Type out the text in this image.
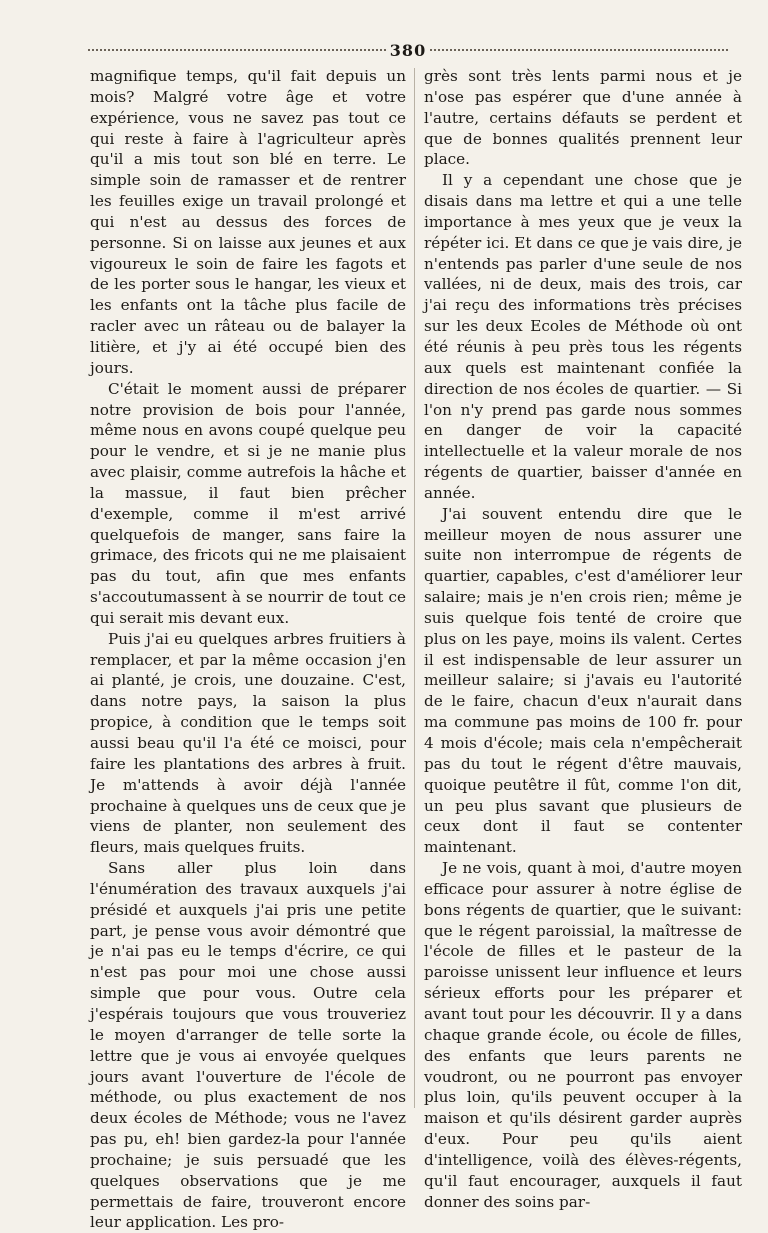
380

magnifique temps, qu'il fait depuis un mois? Malgré votre âge et votre expérience, vous ne savez pas tout ce qui reste à faire à l'agriculteur après qu'il a mis tout son blé en terre. Le simple soin de ramasser et de rentrer les feuilles exige un travail prolongé et qui n'est au dessus des forces de personne. Si on laisse aux jeunes et aux vigoureux le soin de faire les fagots et de les porter sous le hangar, les vieux et les enfants ont la tâche plus facile de racler avec un râteau ou de balayer la litière, et j'y ai été occupé bien des jours.

C'était le moment aussi de préparer notre provision de bois pour l'année, même nous en avons coupé quelque peu pour le vendre, et si je ne manie plus avec plaisir, comme autrefois la hâche et la massue, il faut bien prêcher d'exemple, comme il m'est arrivé quelquefois de manger, sans faire la grimace, des fricots qui ne me plaisaient pas du tout, afin que mes enfants s'accoutumassent à se nourrir de tout ce qui serait mis devant eux.

Puis j'ai eu quelques arbres fruitiers à remplacer, et par la même occasion j'en ai planté, je crois, une douzaine. C'est, dans notre pays, la saison la plus propice, à condition que le temps soit aussi beau qu'il l'a été ce moisci, pour faire les plantations des arbres à fruit. Je m'attends à avoir déjà l'année prochaine à quelques uns de ceux que je viens de planter, non seulement des fleurs, mais quelques fruits.

Sans aller plus loin dans l'énumération des travaux auxquels j'ai présidé et auxquels j'ai pris une petite part, je pense vous avoir démontré que je n'ai pas eu le temps d'écrire, ce qui n'est pas pour moi une chose aussi simple que pour vous. Outre cela j'espérais toujours que vous trouveriez le moyen d'arranger de telle sorte la lettre que je vous ai envoyée quelques jours avant l'ouverture de l'école de méthode, ou plus exactement de nos deux écoles de Méthode; vous ne l'avez pas pu, eh! bien gardez-la pour l'année prochaine; je suis persuadé que les quelques observations que je me permettais de faire, trouveront encore leur application. Les pro-

grès sont très lents parmi nous et je n'ose pas espérer que d'une année à l'autre, certains défauts se perdent et que de bonnes qualités prennent leur place.

Il y a cependant une chose que je disais dans ma lettre et qui a une telle importance à mes yeux que je veux la répéter ici. Et dans ce que je vais dire, je n'entends pas parler d'une seule de nos vallées, ni de deux, mais des trois, car j'ai reçu des informations très précises sur les deux Ecoles de Méthode où ont été réunis à peu près tous les régents aux quels est maintenant confiée la direction de nos écoles de quartier. — Si l'on n'y prend pas garde nous sommes en danger de voir la capacité intellectuelle et la valeur morale de nos régents de quartier, baisser d'année en année.

J'ai souvent entendu dire que le meilleur moyen de nous assurer une suite non interrompue de régents de quartier, capables, c'est d'améliorer leur salaire; mais je n'en crois rien; même je suis quelque fois tenté de croire que plus on les paye, moins ils valent. Certes il est indispensable de leur assurer un meilleur salaire; si j'avais eu l'autorité de le faire, chacun d'eux n'aurait dans ma commune pas moins de 100 fr. pour 4 mois d'école; mais cela n'empêcherait pas du tout le régent d'être mauvais, quoique peutêtre il fût, comme l'on dit, un peu plus savant que plusieurs de ceux dont il faut se contenter maintenant.

Je ne vois, quant à moi, d'autre moyen efficace pour assurer à notre église de bons régents de quartier, que le suivant: que le régent paroissial, la maîtresse de l'école de filles et le pasteur de la paroisse unissent leur influence et leurs sérieux efforts pour les préparer et avant tout pour les découvrir. Il y a dans chaque grande école, ou école de filles, des enfants que leurs parents ne voudront, ou ne pourront pas envoyer plus loin, qu'ils peuvent occuper à la maison et qu'ils désirent garder auprès d'eux. Pour peu qu'ils aient d'intelligence, voilà des élèves-régents, qu'il faut encourager, auxquels il faut donner des soins par-
